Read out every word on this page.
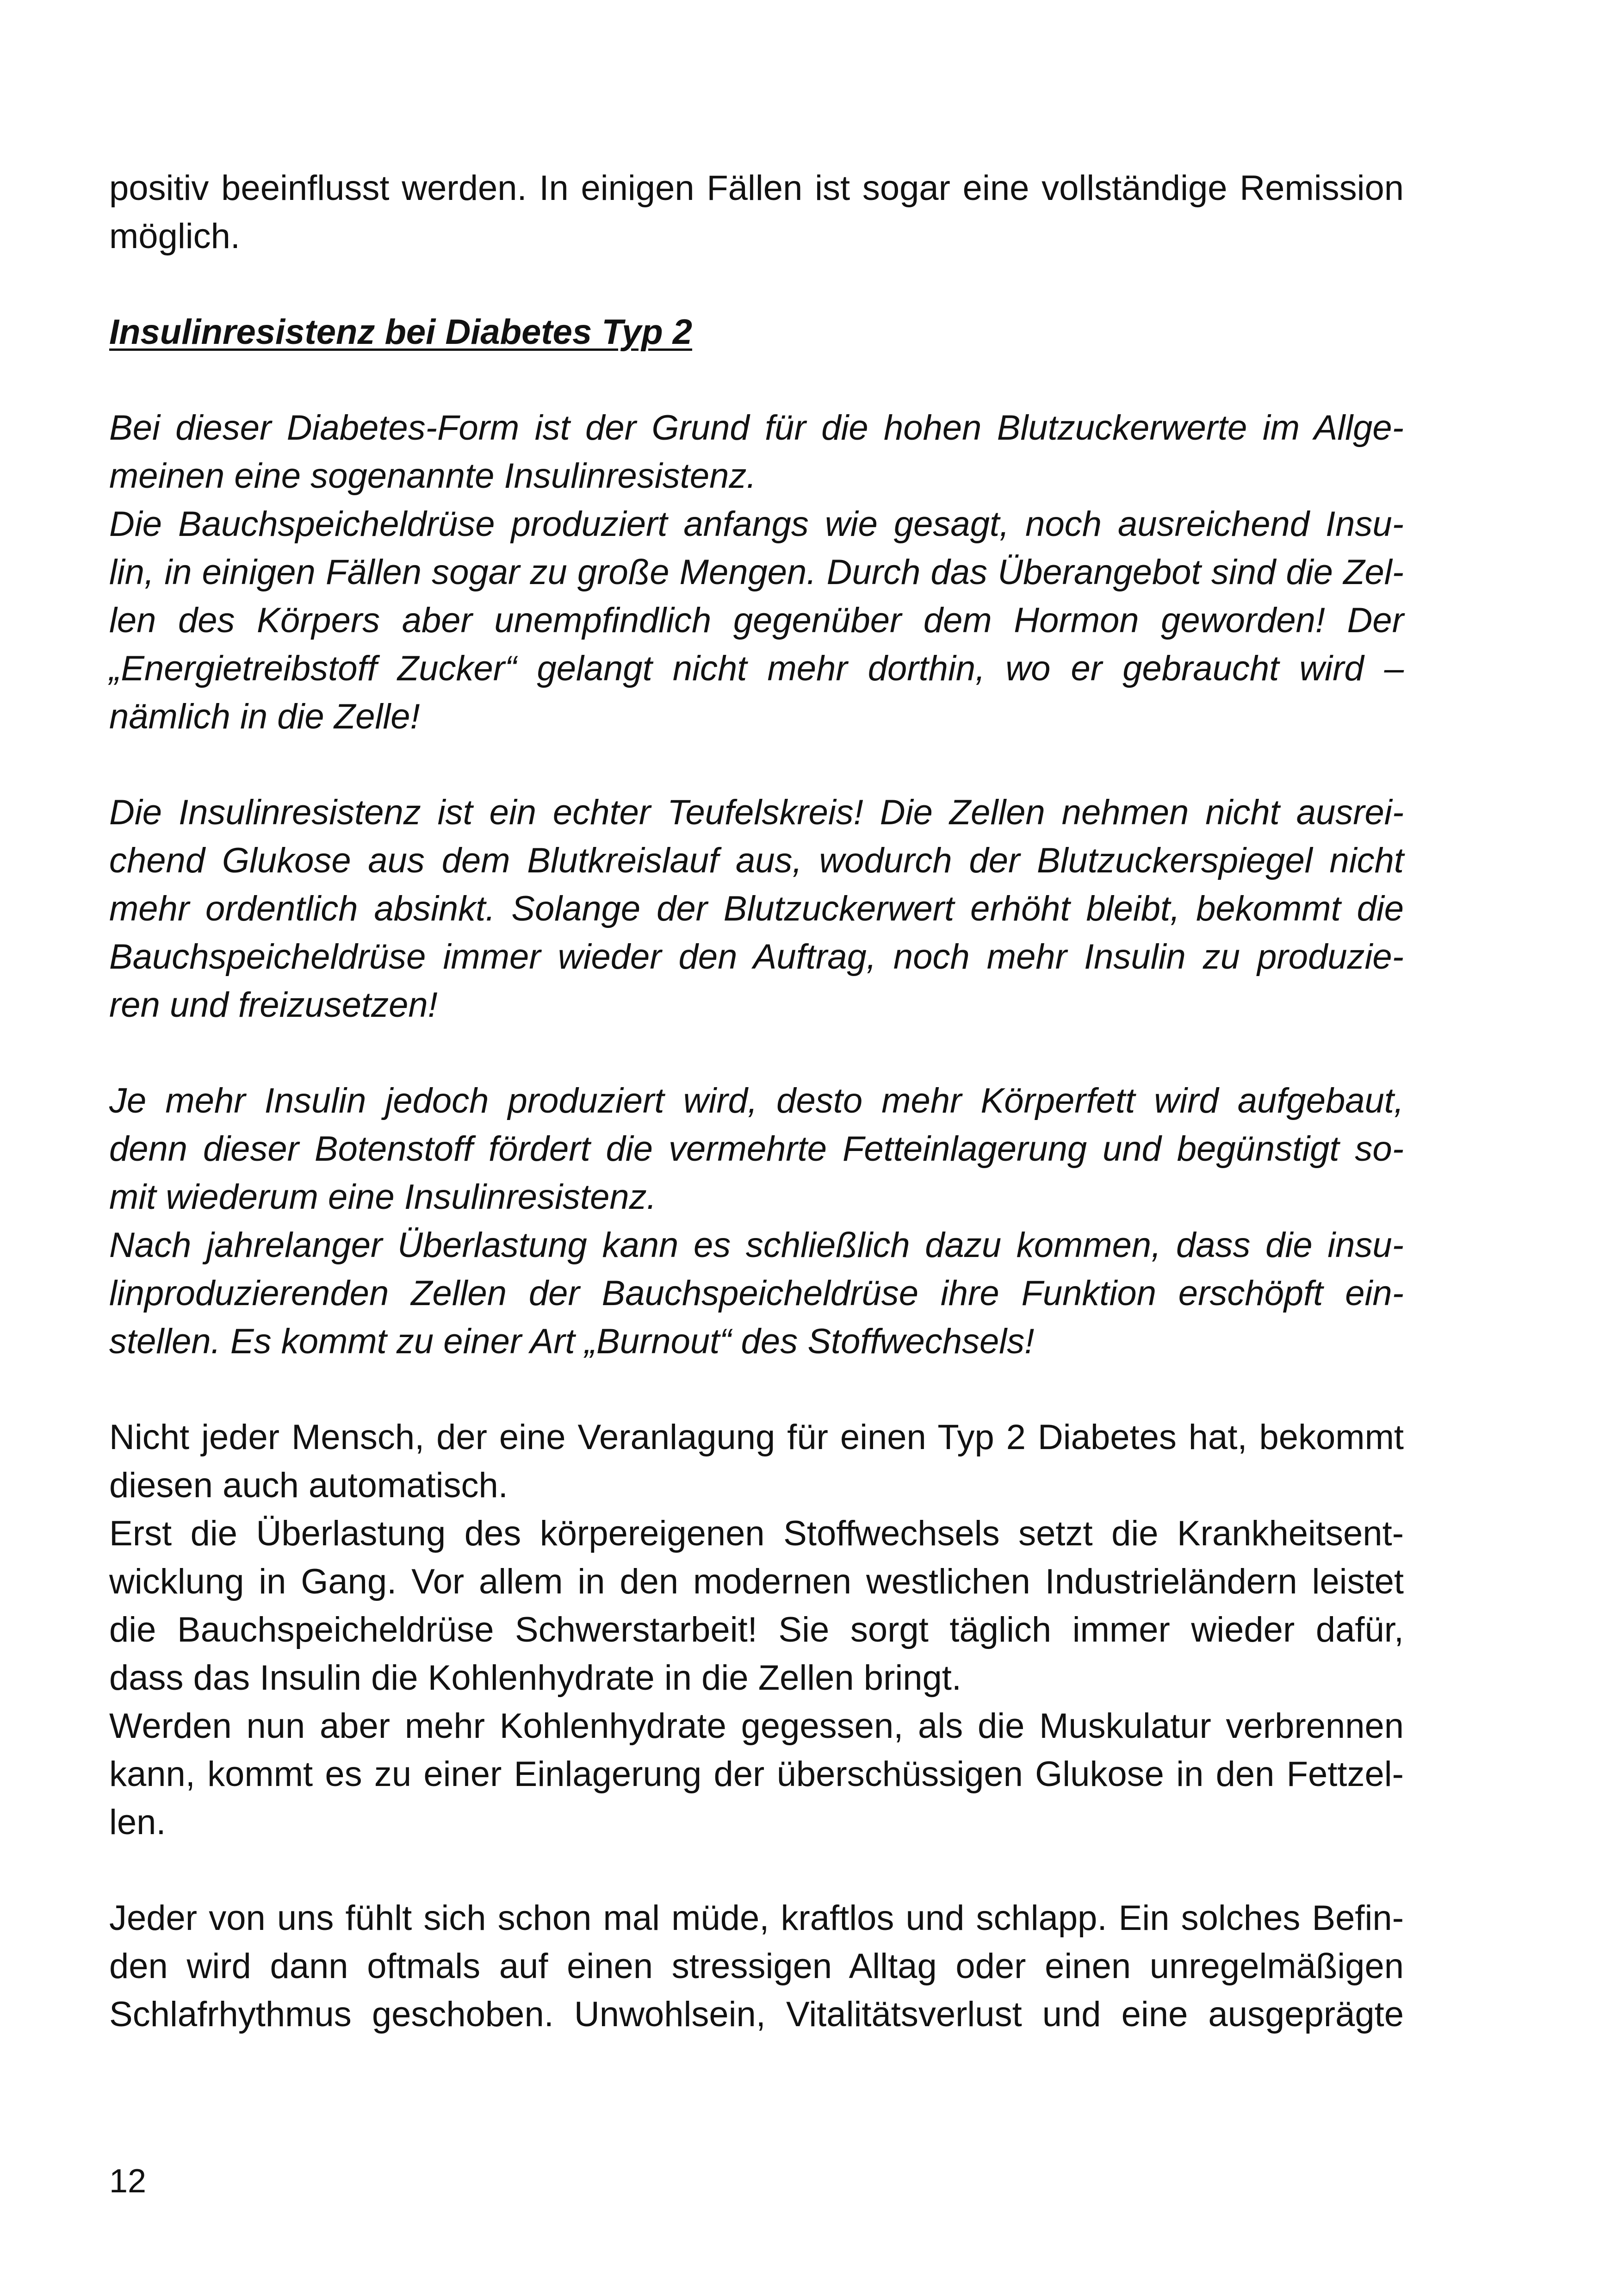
positiv beeinflusst werden. In einigen Fällen ist sogar eine vollständige Remission
möglich.
Insulinresistenz bei Diabetes Typ 2
Bei dieser Diabetes-Form ist der Grund für die hohen Blutzuckerwerte im Allge-
meinen eine sogenannte Insulinresistenz.
Die Bauchspeicheldrüse produziert anfangs wie gesagt, noch ausreichend Insu-
lin, in einigen Fällen sogar zu große Mengen. Durch das Überangebot sind die Zel-
len des Körpers aber unempfindlich gegenüber dem Hormon geworden! Der
„Energietreibstoff Zucker“ gelangt nicht mehr dorthin, wo er gebraucht wird –
nämlich in die Zelle!
Die Insulinresistenz ist ein echter Teufelskreis! Die Zellen nehmen nicht ausrei-
chend Glukose aus dem Blutkreislauf aus, wodurch der Blutzuckerspiegel nicht
mehr ordentlich absinkt. Solange der Blutzuckerwert erhöht bleibt, bekommt die
Bauchspeicheldrüse immer wieder den Auftrag, noch mehr Insulin zu produzie-
ren und freizusetzen!
Je mehr Insulin jedoch produziert wird, desto mehr Körperfett wird aufgebaut,
denn dieser Botenstoff fördert die vermehrte Fetteinlagerung und begünstigt so-
mit wiederum eine Insulinresistenz.
Nach jahrelanger Überlastung kann es schließlich dazu kommen, dass die insu-
linproduzierenden Zellen der Bauchspeicheldrüse ihre Funktion erschöpft ein-
stellen. Es kommt zu einer Art „Burnout“ des Stoffwechsels!
Nicht jeder Mensch, der eine Veranlagung für einen Typ 2 Diabetes hat, bekommt
diesen auch automatisch.
Erst die Überlastung des körpereigenen Stoffwechsels setzt die Krankheitsent-
wicklung in Gang. Vor allem in den modernen westlichen Industrieländern leistet
die Bauchspeicheldrüse Schwerstarbeit! Sie sorgt täglich immer wieder dafür,
dass das Insulin die Kohlenhydrate in die Zellen bringt.
Werden nun aber mehr Kohlenhydrate gegessen, als die Muskulatur verbrennen
kann, kommt es zu einer Einlagerung der überschüssigen Glukose in den Fettzel-
len.
Jeder von uns fühlt sich schon mal müde, kraftlos und schlapp. Ein solches Befin-
den wird dann oftmals auf einen stressigen Alltag oder einen unregelmäßigen
Schlafrhythmus geschoben. Unwohlsein, Vitalitätsverlust und eine ausgeprägte
12
